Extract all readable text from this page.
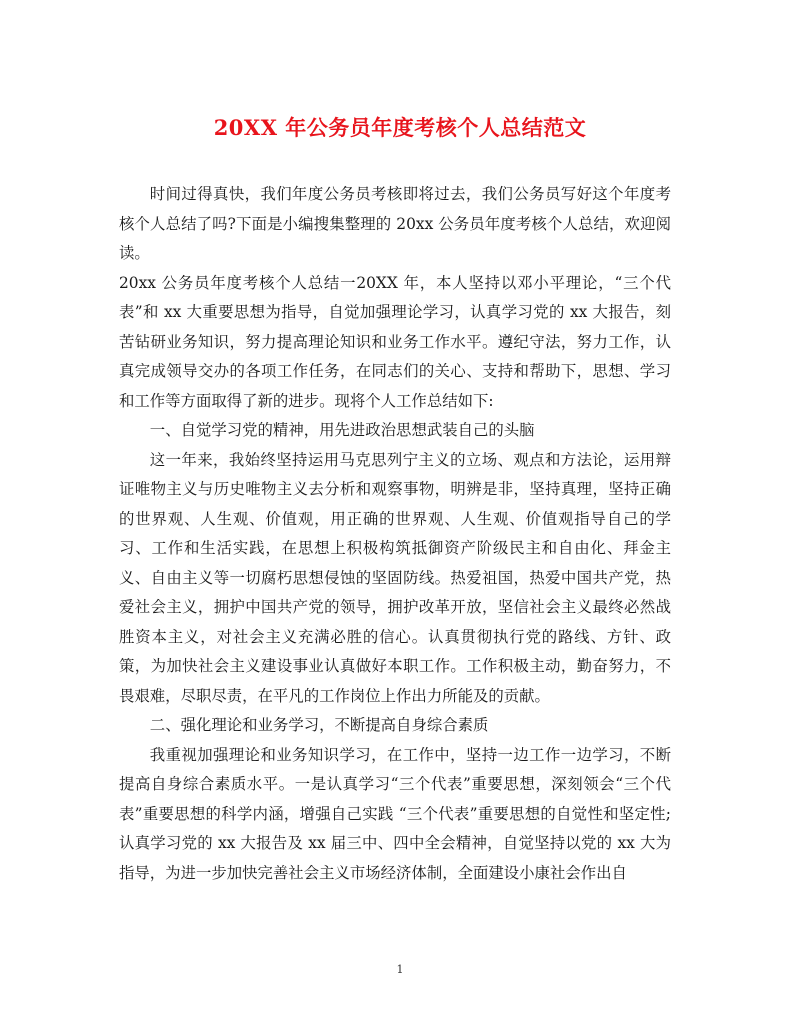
20XX 年公务员年度考核个人总结范文

时间过得真快，我们年度公务员考核即将过去，我们公务员写好这个年度考核个人总结了吗?下面是小编搜集整理的 20xx 公务员年度考核个人总结，欢迎阅读。

20xx 公务员年度考核个人总结一20XX 年，本人坚持以邓小平理论，“三个代表”和 xx 大重要思想为指导，自觉加强理论学习，认真学习党的 xx 大报告，刻苦钻研业务知识，努力提高理论知识和业务工作水平。遵纪守法，努力工作，认真完成领导交办的各项工作任务，在同志们的关心、支持和帮助下，思想、学习和工作等方面取得了新的进步。现将个人工作总结如下:

一、自觉学习党的精神，用先进政治思想武装自己的头脑

这一年来，我始终坚持运用马克思列宁主义的立场、观点和方法论，运用辩证唯物主义与历史唯物主义去分析和观察事物，明辨是非，坚持真理，坚持正确的世界观、人生观、价值观，用正确的世界观、人生观、价值观指导自己的学习、工作和生活实践，在思想上积极构筑抵御资产阶级民主和自由化、拜金主义、自由主义等一切腐朽思想侵蚀的坚固防线。热爱祖国，热爱中国共产党，热爱社会主义，拥护中国共产党的领导，拥护改革开放，坚信社会主义最终必然战胜资本主义，对社会主义充满必胜的信心。认真贯彻执行党的路线、方针、政策，为加快社会主义建设事业认真做好本职工作。工作积极主动，勤奋努力，不畏艰难，尽职尽责，在平凡的工作岗位上作出力所能及的贡献。

二、强化理论和业务学习，不断提高自身综合素质

我重视加强理论和业务知识学习，在工作中，坚持一边工作一边学习，不断提高自身综合素质水平。一是认真学习“三个代表”重要思想，深刻领会“三个代表”重要思想的科学内涵，增强自己实践 “三个代表”重要思想的自觉性和坚定性;认真学习党的 xx 大报告及 xx 届三中、四中全会精神，自觉坚持以党的 xx 大为指导，为进一步加快完善社会主义市场经济体制，全面建设小康社会作出自

1
